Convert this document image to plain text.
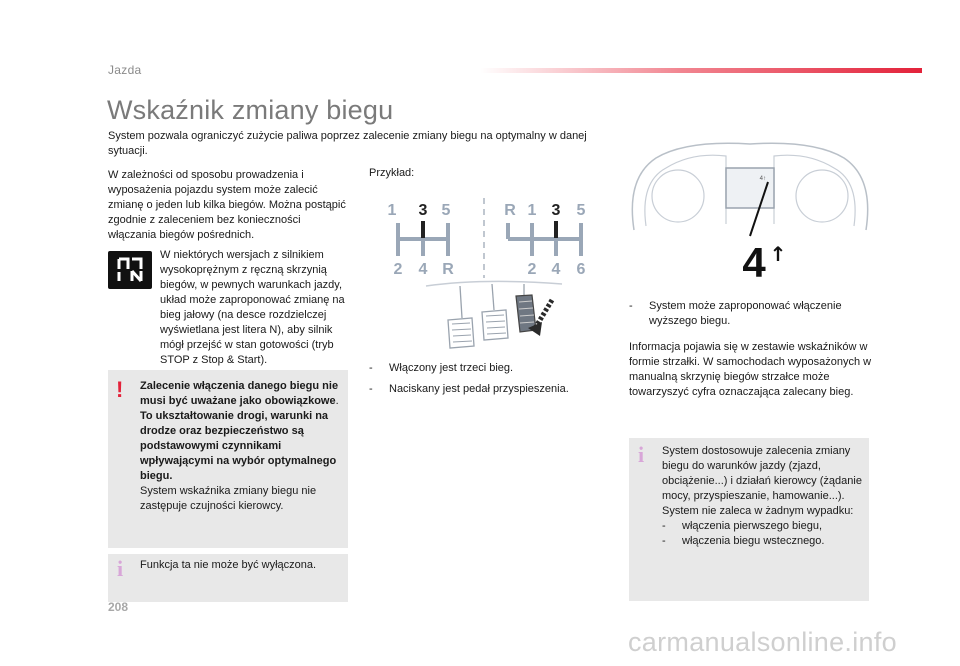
Jazda
Wskaźnik zmiany biegu

System pozwala ograniczyć zużycie paliwa poprzez zalecenie zmiany biegu na optymalny w danej sytuacji.

W zależności od sposobu prowadzenia i wyposażenia pojazdu system może zalecić zmianę o jeden lub kilka biegów. Można postąpić zgodnie z zaleceniem bez konieczności włączania biegów pośrednich.

W niektórych wersjach z silnikiem wysokoprężnym z ręczną skrzynią biegów, w pewnych warunkach jazdy, układ może zaproponować zmianę na bieg jałowy (na desce rozdzielczej wyświetlana jest litera N), aby silnik mógł przejść w stan gotowości (tryb STOP z Stop & Start).

! Zalecenie włączenia danego biegu nie musi być uważane jako obowiązkowe.
To ukształtowanie drogi, warunki na drodze oraz bezpieczeństwo są podstawowymi czynnikami wpływającymi na wybór optymalnego biegu.
System wskaźnika zmiany biegu nie zastępuje czujności kierowcy.
i Funkcja ta nie może być wyłączona.
Przykład:
1 3 5
2 4 R
R 1 3 5
2 4 6
- Włączony jest trzeci bieg.
- Naciskany jest pedał przyspieszenia.
4↑
4 ↑
- System może zaproponować włączenie wyższego biegu.

Informacja pojawia się w zestawie wskaźników w formie strzałki. W samochodach wyposażonych w manualną skrzynię biegów strzałce może towarzyszyć cyfra oznaczająca zalecany bieg.

i System dostosowuje zalecenia zmiany biegu do warunków jazdy (zjazd, obciążenie...) i działań kierowcy (żądanie mocy, przyspieszanie, hamowanie...).
System nie zaleca w żadnym wypadku:
-	włączenia pierwszego biegu,
-	włączenia biegu wstecznego.
208
carmanualsonline.info
